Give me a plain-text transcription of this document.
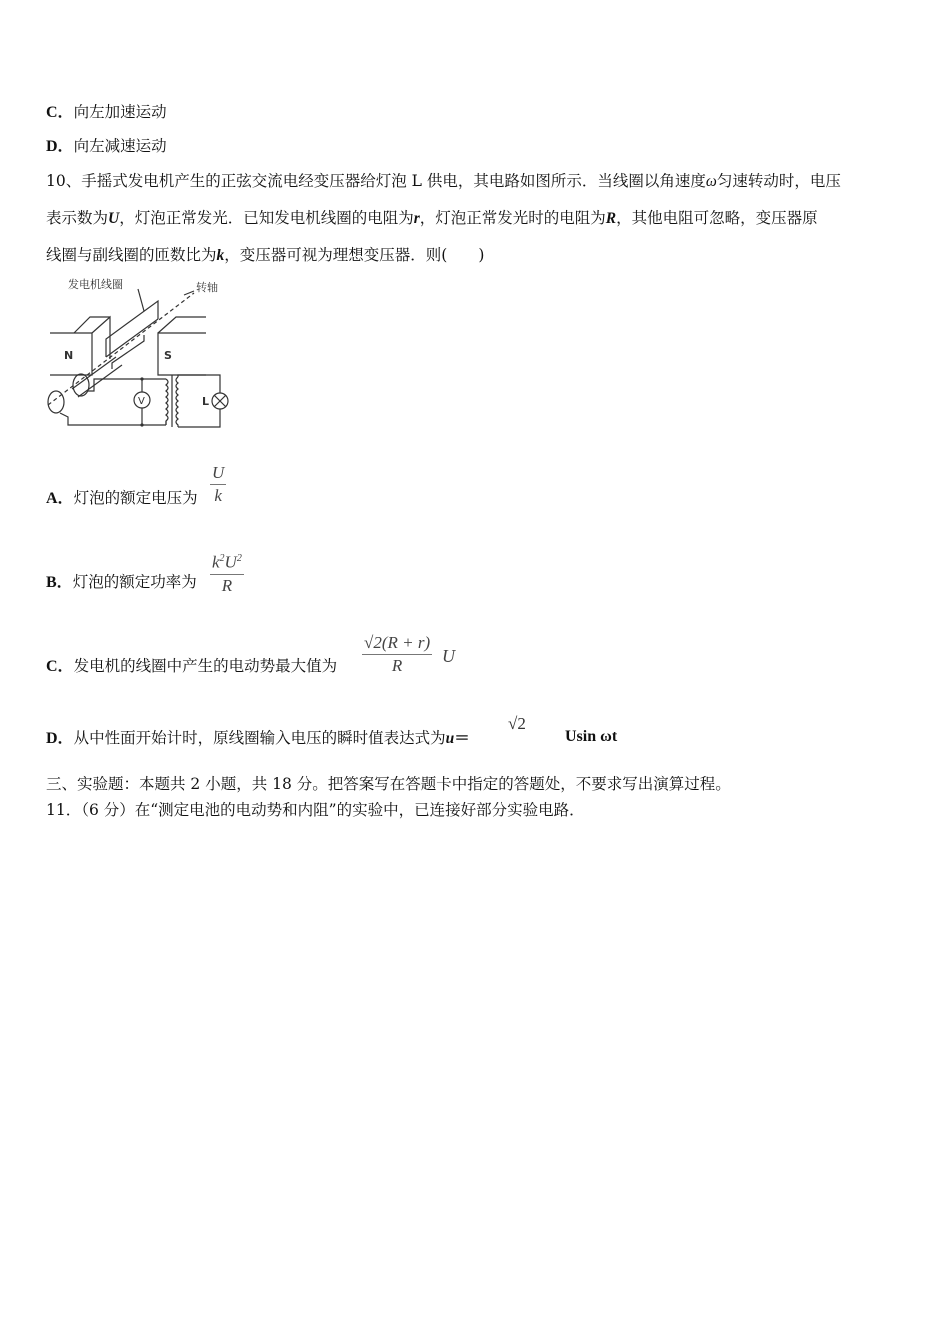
C．向左加速运动
D．向左减速运动
10、手摇式发电机产生的正弦交流电经变压器给灯泡 L 供电，其电路如图所示．当线圈以角速度ω匀速转动时，电压
表示数为U，灯泡正常发光．已知发电机线圈的电阻为r，灯泡正常发光时的电阻为R，其他电阻可忽略，变压器原
线圈与副线圈的匝数比为k，变压器可视为理想变压器．则(　　)
发电机线圈	转轴
N	S
V	L
A．灯泡的额定电压为 $\frac{U}{k}$
B．灯泡的额定功率为 $\frac{k^2U^2}{R}$
C．发电机的线圈中产生的电动势最大值为 $\frac{√2(R + r)}{R}$ U
D．从中性面开始计时，原线圈输入电压的瞬时值表达式为u＝
√2
Usin ωt
三、实验题：本题共 2 小题，共 18 分。把答案写在答题卡中指定的答题处，不要求写出演算过程。
11．（6 分）在“测定电池的电动势和内阻”的实验中，已连接好部分实验电路．
